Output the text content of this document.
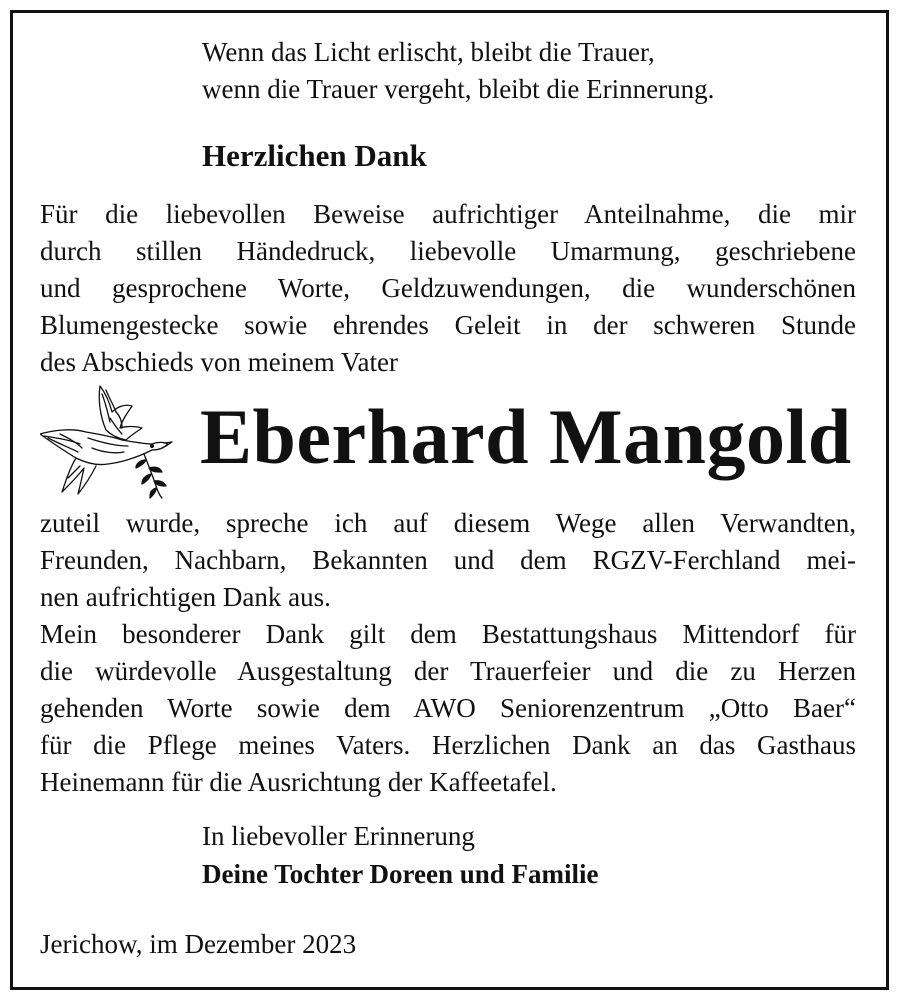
Wenn das Licht erlischt, bleibt die Trauer,

wenn die Trauer vergeht, bleibt die Erinnerung.

Herzlichen Dank
Für die liebevollen Beweise aufrichtiger Anteilnahme, die mir
durch stillen Händedruck, liebevolle Umarmung, geschriebene
und gesprochene Worte, Geldzuwendungen, die wunderschönen
Blumengestecke sowie ehrendes Geleit in der schweren Stunde
des Abschieds von meinem Vater
Eberhard Mangold
zuteil wurde, spreche ich auf diesem Wege allen Verwandten,
Freunden, Nachbarn, Bekannten und dem RGZV-Ferchland mei-
nen aufrichtigen Dank aus.
Mein besonderer Dank gilt dem Bestattungshaus Mittendorf für
die würdevolle Ausgestaltung der Trauerfeier und die zu Herzen
gehenden Worte sowie dem AWO Seniorenzentrum „Otto Baer“
für die Pflege meines Vaters. Herzlichen Dank an das Gasthaus
Heinemann für die Ausrichtung der Kaffeetafel.

In liebevoller Erinnerung

Deine Tochter Doreen und Familie

Jerichow, im Dezember 2023
